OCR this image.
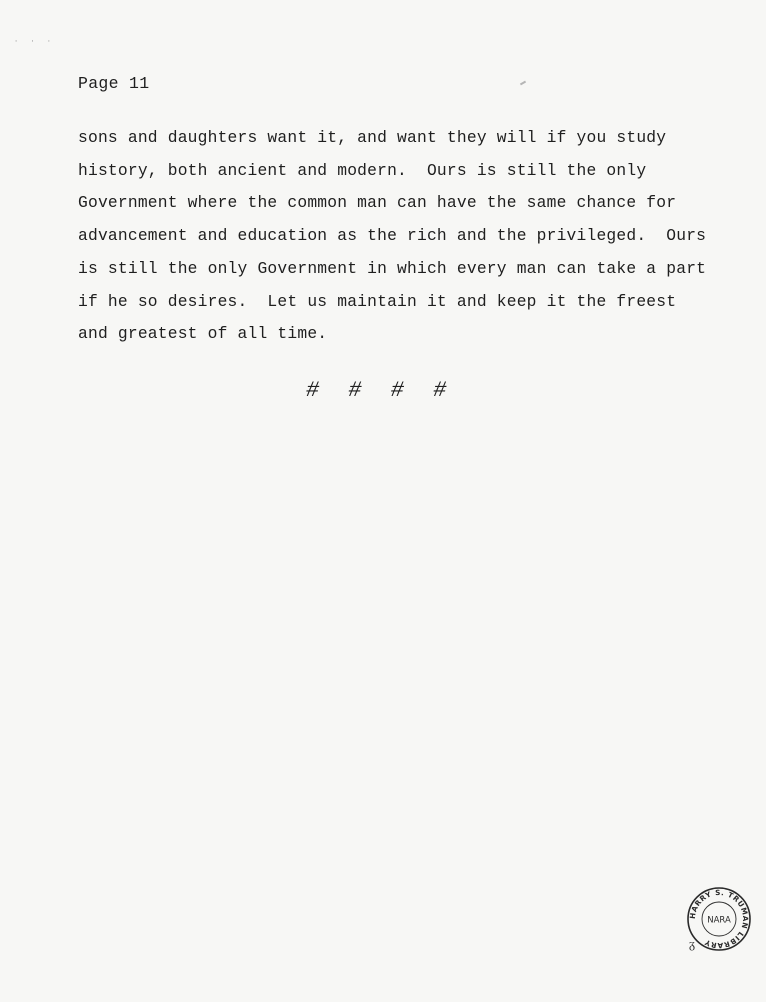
· · ·
Page 11
sons and daughters want it, and want they will if you study
history, both ancient and modern.  Ours is still the only
Government where the common man can have the same chance for
advancement and education as the rich and the privileged.  Ours
is still the only Government in which every man can take a part
if he so desires.  Let us maintain it and keep it the freest
and greatest of all time.
# # # #
HARRY S. TRUMAN LIBRARY
NARA
ᵹ
